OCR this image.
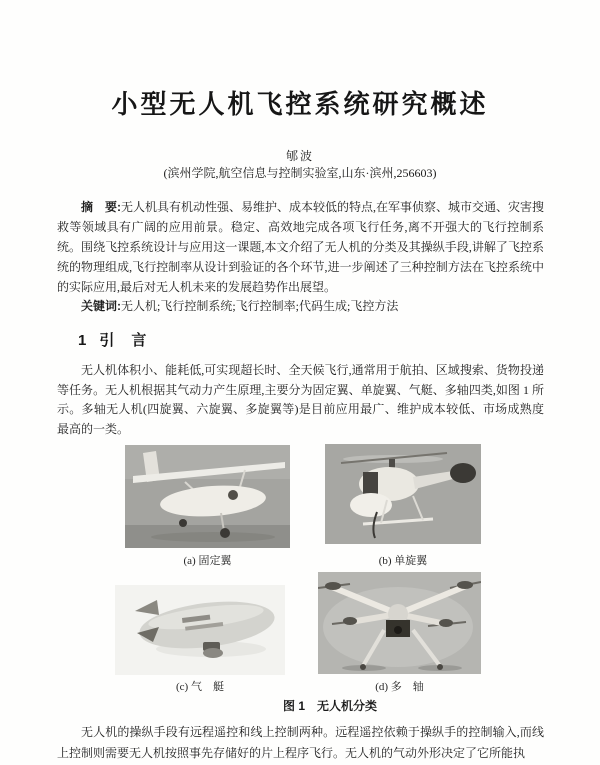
小型无人机飞控系统研究概述
郇波
(滨州学院,航空信息与控制实验室,山东·滨州,256603)
摘　要:无人机具有机动性强、易维护、成本较低的特点,在军事侦察、城市交通、灾害搜救等领域具有广阔的应用前景。稳定、高效地完成各项飞行任务,离不开强大的飞行控制系统。围绕飞控系统设计与应用这一课题,本文介绍了无人机的分类及其操纵手段,讲解了飞控系统的物理组成,飞行控制率从设计到验证的各个环节,进一步阐述了三种控制方法在飞控系统中的实际应用,最后对无人机未来的发展趋势作出展望。
关键词:无人机;飞行控制系统;飞行控制率;代码生成;飞控方法
1 引　言
无人机体积小、能耗低,可实现超长时、全天候飞行,通常用于航拍、区域搜索、货物投递等任务。无人机根据其气动力产生原理,主要分为固定翼、单旋翼、气艇、多轴四类,如图 1 所示。多轴无人机(四旋翼、六旋翼、多旋翼等)是目前应用最广、维护成本较低、市场成熟度最高的一类。
(a) 固定翼	(b) 单旋翼
(c) 气　艇	(d) 多　轴
图 1　无人机分类
无人机的操纵手段有远程遥控和线上控制两种。远程遥控依赖于操纵手的控制输入,而线上控制则需要无人机按照事先存储好的片上程序飞行。无人机的气动外形决定了它所能执
